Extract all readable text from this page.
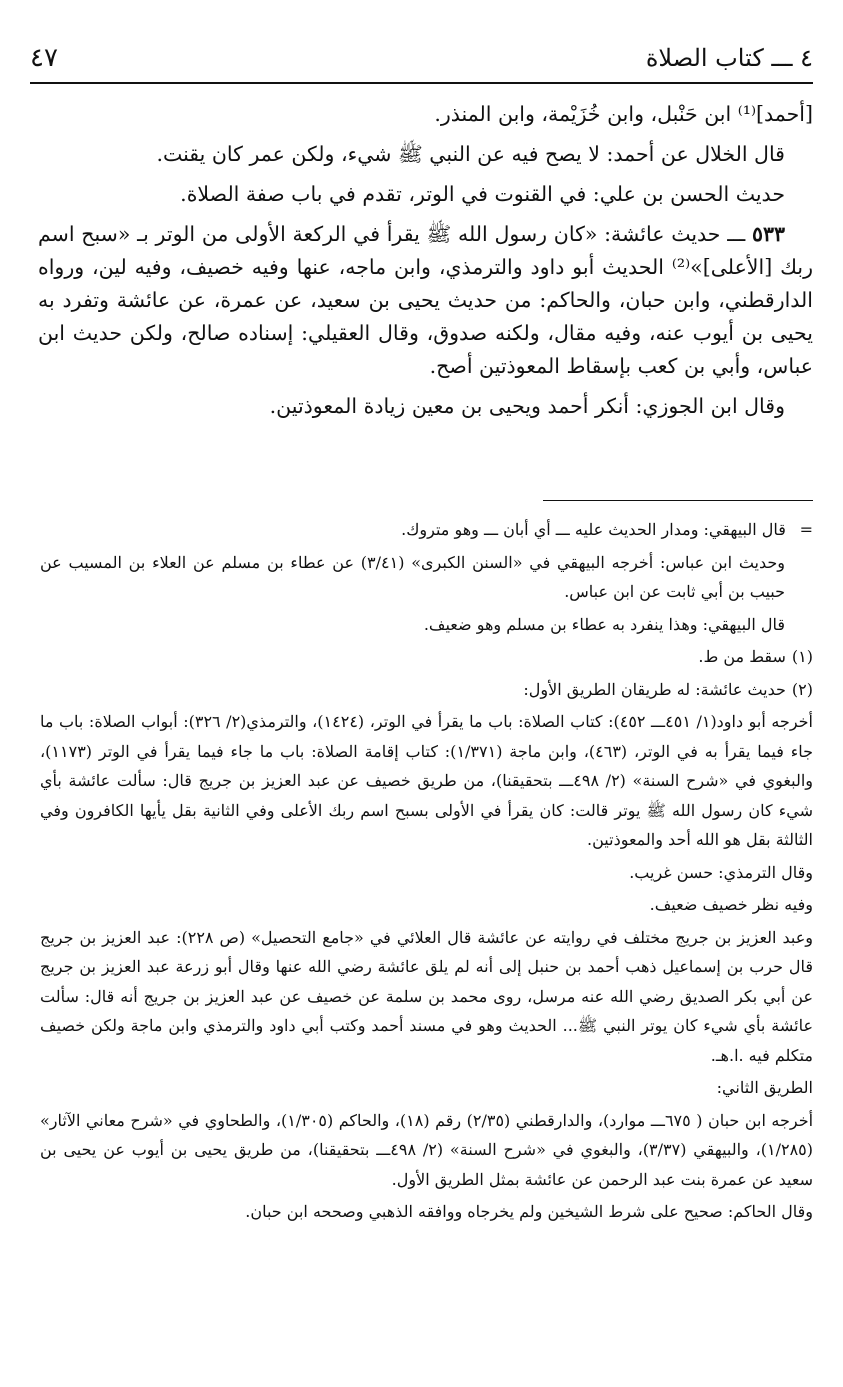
٤ ـــ كتاب الصلاة
٤٧

[أحمد]⁽¹⁾ ابن حَنْبل، وابن خُزَيْمة، وابن المنذر.

قال الخلال عن أحمد: لا يصح فيه عن النبي ﷺ شيء، ولكن عمر كان يقنت.

حديث الحسن بن علي: في القنوت في الوتر، تقدم في باب صفة الصلاة.

٥٣٣ ـــ حديث عائشة: «كان رسول الله ﷺ يقرأ في الركعة الأولى من الوتر بـ «سبح اسم ربك [الأعلى]»⁽²⁾ الحديث أبو داود والترمذي، وابن ماجه، عنها وفيه خصيف، وفيه لين، ورواه الدارقطني، وابن حبان، والحاكم: من حديث يحيى بن سعيد، عن عمرة، عن عائشة وتفرد به يحيى بن أيوب عنه، وفيه مقال، ولكنه صدوق، وقال العقيلي: إسناده صالح، ولكن حديث ابن عباس، وأبي بن كعب بإسقاط المعوذتين أصح.

وقال ابن الجوزي: أنكر أحمد ويحيى بن معين زيادة المعوذتين.

= قال البيهقي: ومدار الحديث عليه ـــ أي أبان ـــ وهو متروك.

وحديث ابن عباس: أخرجه البيهقي في «السنن الكبرى» (٣/٤١) عن عطاء بن مسلم عن العلاء بن المسيب عن حبيب بن أبي ثابت عن ابن عباس.

قال البيهقي: وهذا ينفرد به عطاء بن مسلم وهو ضعيف.

(١) سقط من ط.

(٢) حديث عائشة: له طريقان الطريق الأول:

أخرجه أبو داود(١/ ٤٥١ـــ ٤٥٢): كتاب الصلاة: باب ما يقرأ في الوتر، (١٤٢٤)، والترمذي(٢/ ٣٢٦): أبواب الصلاة: باب ما جاء فيما يقرأ به في الوتر، (٤٦٣)، وابن ماجة (١/٣٧١): كتاب إقامة الصلاة: باب ما جاء فيما يقرأ في الوتر (١١٧٣)، والبغوي في «شرح السنة» (٢/ ٤٩٨ـــ بتحقيقنا)، من طريق خصيف عن عبد العزيز بن جريج قال: سألت عائشة بأي شيء كان رسول الله ﷺ يوتر قالت: كان يقرأ في الأولى بسبح اسم ربك الأعلى وفي الثانية بقل يأيها الكافرون وفي الثالثة بقل هو الله أحد والمعوذتين.

وقال الترمذي: حسن غريب.

وفيه نظر خصيف ضعيف.

وعبد العزيز بن جريج مختلف في روايته عن عائشة قال العلائي في «جامع التحصيل» (ص ٢٢٨): عبد العزيز بن جريج قال حرب بن إسماعيل ذهب أحمد بن حنبل إلى أنه لم يلق عائشة رضي الله عنها وقال أبو زرعة عبد العزيز بن جريج عن أبي بكر الصديق رضي الله عنه مرسل، روى محمد بن سلمة عن خصيف عن عبد العزيز بن جريج أنه قال: سألت عائشة بأي شيء كان يوتر النبي ﷺ... الحديث وهو في مسند أحمد وكتب أبي داود والترمذي وابن ماجة ولكن خصيف متكلم فيه .ا.هـ.

الطريق الثاني:

أخرجه ابن حبان ( ٦٧٥ـــ موارد)، والدارقطني (٢/٣٥) رقم (١٨)، والحاكم (١/٣٠٥)، والطحاوي في «شرح معاني الآثار» (١/٢٨٥)، والبيهقي (٣/٣٧)، والبغوي في «شرح السنة» (٢/ ٤٩٨ـــ بتحقيقنا)، من طريق يحيى بن أيوب عن يحيى بن سعيد عن عمرة بنت عبد الرحمن عن عائشة بمثل الطريق الأول.

وقال الحاكم: صحيح على شرط الشيخين ولم يخرجاه ووافقه الذهبي وصححه ابن حبان.
